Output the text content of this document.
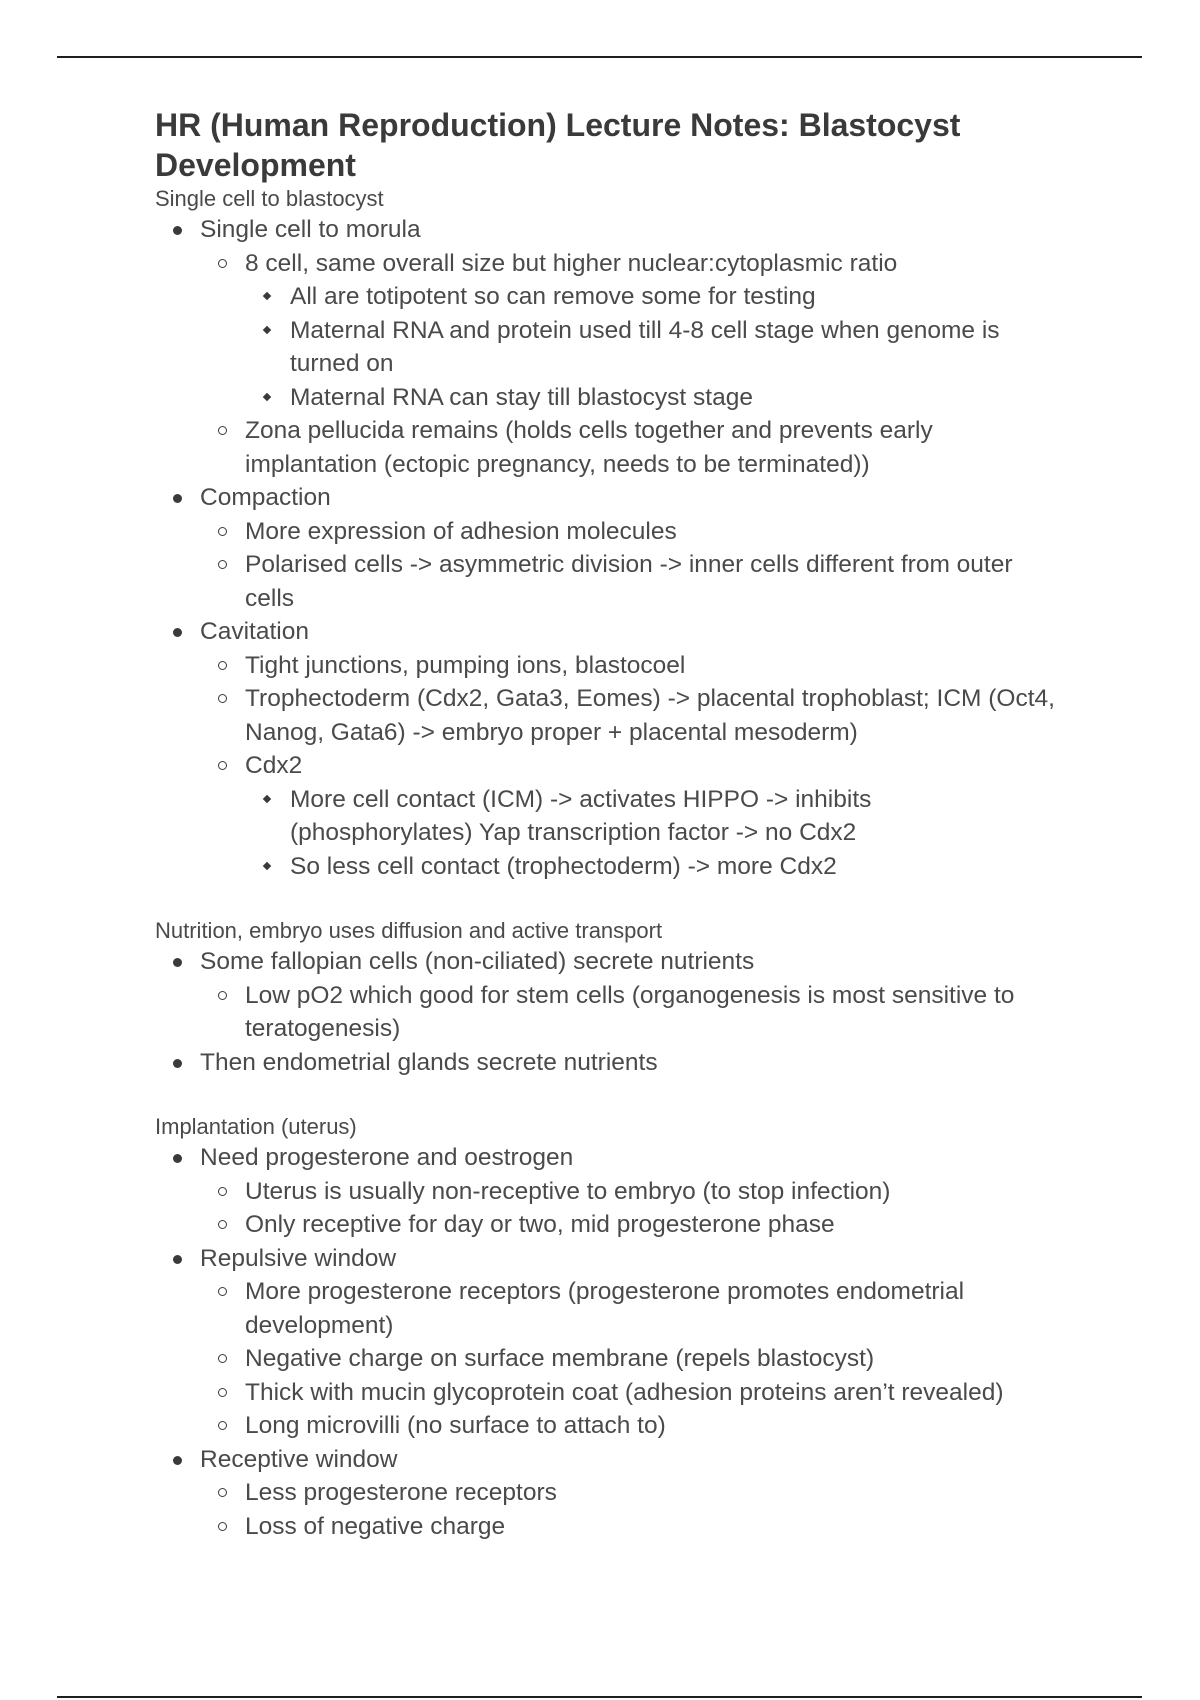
HR (Human Reproduction) Lecture Notes: Blastocyst Development

Single cell to blastocyst

Single cell to morula
8 cell, same overall size but higher nuclear:cytoplasmic ratio
All are totipotent so can remove some for testing
Maternal RNA and protein used till 4-8 cell stage when genome is turned on
Maternal RNA can stay till blastocyst stage
Zona pellucida remains (holds cells together and prevents early implantation (ectopic pregnancy, needs to be terminated))
Compaction
More expression of adhesion molecules
Polarised cells -> asymmetric division -> inner cells different from outer cells
Cavitation
Tight junctions, pumping ions, blastocoel
Trophectoderm (Cdx2, Gata3, Eomes) -> placental trophoblast; ICM (Oct4, Nanog, Gata6) -> embryo proper + placental mesoderm)
Cdx2
More cell contact (ICM) -> activates HIPPO -> inhibits (phosphorylates) Yap transcription factor -> no Cdx2
So less cell contact (trophectoderm) -> more Cdx2

Nutrition, embryo uses diffusion and active transport

Some fallopian cells (non-ciliated) secrete nutrients
Low pO2 which good for stem cells (organogenesis is most sensitive to teratogenesis)
Then endometrial glands secrete nutrients

Implantation (uterus)

Need progesterone and oestrogen
Uterus is usually non-receptive to embryo (to stop infection)
Only receptive for day or two, mid progesterone phase
Repulsive window
More progesterone receptors (progesterone promotes endometrial development)
Negative charge on surface membrane (repels blastocyst)
Thick with mucin glycoprotein coat (adhesion proteins aren’t revealed)
Long microvilli (no surface to attach to)
Receptive window
Less progesterone receptors
Loss of negative charge
